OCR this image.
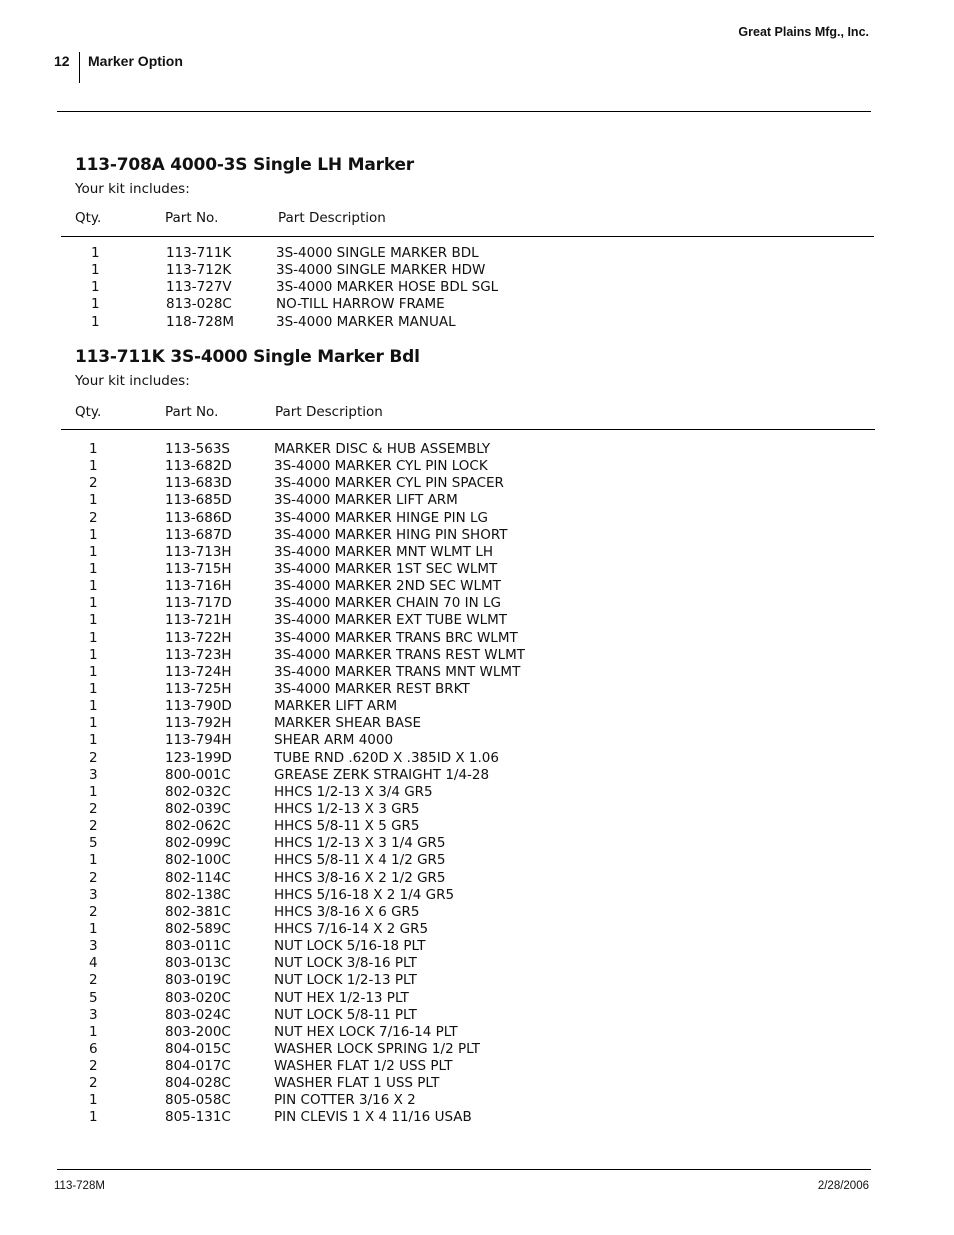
Great Plains Mfg., Inc.
12 Marker Option
113-708A 4000-3S Single LH Marker
Your kit includes:
Qty.	Part No.	Part Description
1	113-711K	3S-4000 SINGLE MARKER BDL
1	113-712K	3S-4000 SINGLE MARKER HDW
1	113-727V	3S-4000 MARKER HOSE BDL SGL
1	813-028C	NO-TILL HARROW FRAME
1	118-728M	3S-4000 MARKER MANUAL
113-711K 3S-4000 Single Marker Bdl
Your kit includes:
Qty.	Part No.	Part Description
1	113-563S	MARKER DISC & HUB ASSEMBLY
1	113-682D	3S-4000 MARKER CYL PIN LOCK
2	113-683D	3S-4000 MARKER CYL PIN SPACER
1	113-685D	3S-4000 MARKER LIFT ARM
2	113-686D	3S-4000 MARKER HINGE PIN LG
1	113-687D	3S-4000 MARKER HING PIN SHORT
1	113-713H	3S-4000 MARKER MNT WLMT LH
1	113-715H	3S-4000 MARKER 1ST SEC WLMT
1	113-716H	3S-4000 MARKER 2ND SEC WLMT
1	113-717D	3S-4000 MARKER CHAIN 70 IN LG
1	113-721H	3S-4000 MARKER EXT TUBE WLMT
1	113-722H	3S-4000 MARKER TRANS BRC WLMT
1	113-723H	3S-4000 MARKER TRANS REST WLMT
1	113-724H	3S-4000 MARKER TRANS MNT WLMT
1	113-725H	3S-4000 MARKER REST BRKT
1	113-790D	MARKER LIFT ARM
1	113-792H	MARKER SHEAR BASE
1	113-794H	SHEAR ARM 4000
2	123-199D	TUBE RND .620D X .385ID X 1.06
3	800-001C	GREASE ZERK STRAIGHT 1/4-28
1	802-032C	HHCS 1/2-13 X 3/4 GR5
2	802-039C	HHCS 1/2-13 X 3 GR5
2	802-062C	HHCS 5/8-11 X 5 GR5
5	802-099C	HHCS 1/2-13 X 3 1/4 GR5
1	802-100C	HHCS 5/8-11 X 4 1/2 GR5
2	802-114C	HHCS 3/8-16 X 2 1/2 GR5
3	802-138C	HHCS 5/16-18 X 2 1/4 GR5
2	802-381C	HHCS 3/8-16 X 6 GR5
1	802-589C	HHCS 7/16-14 X 2 GR5
3	803-011C	NUT LOCK 5/16-18 PLT
4	803-013C	NUT LOCK 3/8-16 PLT
2	803-019C	NUT LOCK 1/2-13 PLT
5	803-020C	NUT HEX 1/2-13 PLT
3	803-024C	NUT LOCK 5/8-11 PLT
1	803-200C	NUT HEX LOCK 7/16-14 PLT
6	804-015C	WASHER LOCK SPRING 1/2 PLT
2	804-017C	WASHER FLAT 1/2 USS PLT
2	804-028C	WASHER FLAT 1 USS PLT
1	805-058C	PIN COTTER 3/16 X 2
1	805-131C	PIN CLEVIS 1 X 4 11/16 USAB
113-728M	2/28/2006
